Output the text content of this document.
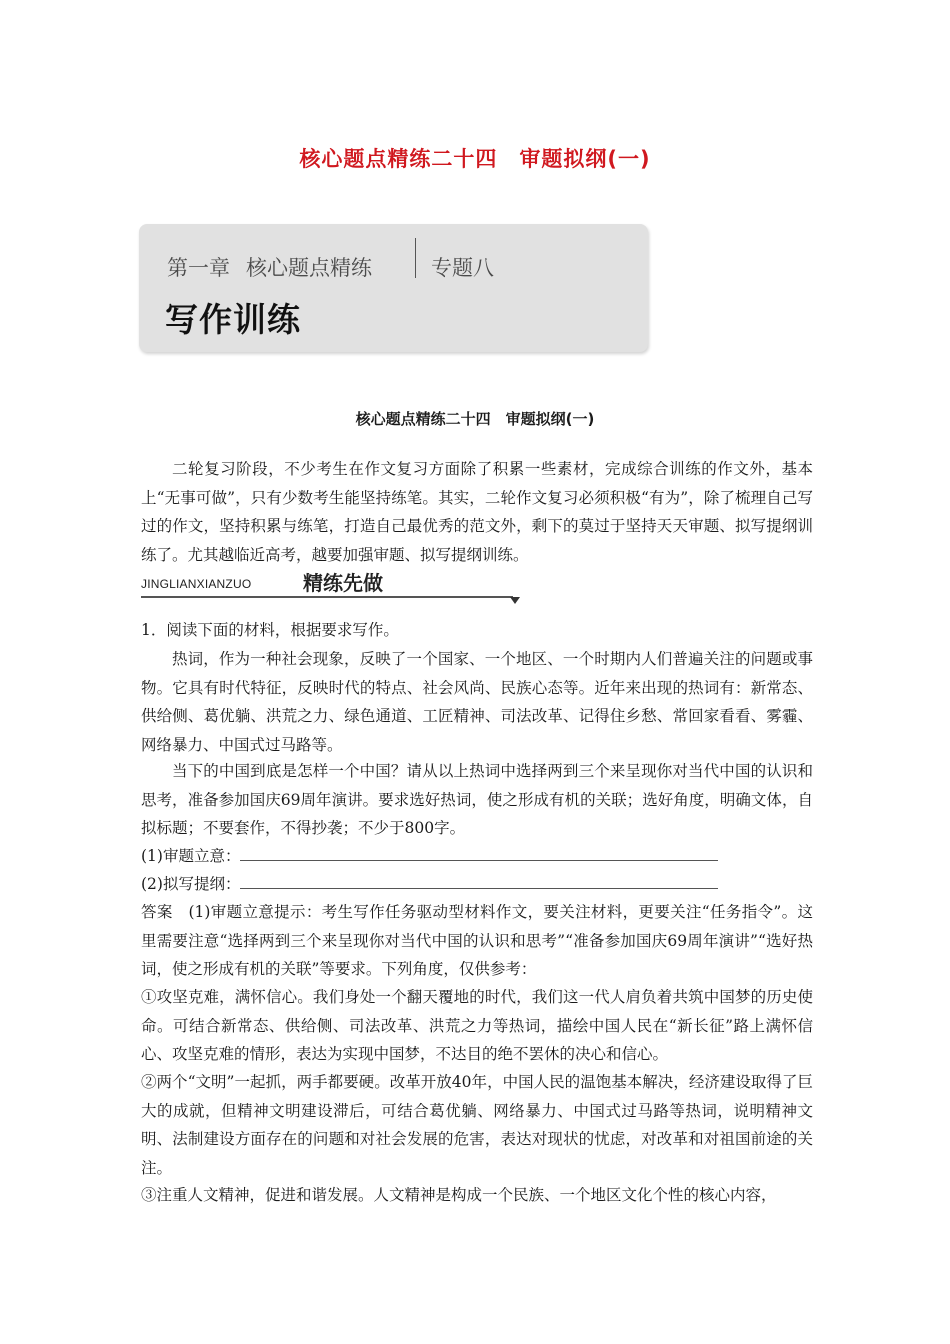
核心题点精练二十四　审题拟纲(一)
第一章 核心题点精练	专题八
写作训练
核心题点精练二十四　审题拟纲(一)

二轮复习阶段，不少考生在作文复习方面除了积累一些素材，完成综合训练的作文外，基本上“无事可做”，只有少数考生能坚持练笔。其实，二轮作文复习必须积极“有为”，除了梳理自己写过的作文，坚持积累与练笔，打造自己最优秀的范文外，剩下的莫过于坚持天天审题、拟写提纲训练了。尤其越临近高考，越要加强审题、拟写提纲训练。

JINGLIANXIANZUO	精练先做

1．阅读下面的材料，根据要求写作。

热词，作为一种社会现象，反映了一个国家、一个地区、一个时期内人们普遍关注的问题或事物。它具有时代特征，反映时代的特点、社会风尚、民族心态等。近年来出现的热词有：新常态、供给侧、葛优躺、洪荒之力、绿色通道、工匠精神、司法改革、记得住乡愁、常回家看看、雾霾、网络暴力、中国式过马路等。

当下的中国到底是怎样一个中国？请从以上热词中选择两到三个来呈现你对当代中国的认识和思考，准备参加国庆69周年演讲。要求选好热词，使之形成有机的关联；选好角度，明确文体，自拟标题；不要套作，不得抄袭；不少于800字。

(1)审题立意：

(2)拟写提纲：

答案　(1)审题立意提示：考生写作任务驱动型材料作文，要关注材料，更要关注“任务指令”。这里需要注意“选择两到三个来呈现你对当代中国的认识和思考”“准备参加国庆69周年演讲”“选好热词，使之形成有机的关联”等要求。下列角度，仅供参考：

①攻坚克难，满怀信心。我们身处一个翻天覆地的时代，我们这一代人肩负着共筑中国梦的历史使命。可结合新常态、供给侧、司法改革、洪荒之力等热词，描绘中国人民在“新长征”路上满怀信心、攻坚克难的情形，表达为实现中国梦，不达目的绝不罢休的决心和信心。

②两个“文明”一起抓，两手都要硬。改革开放40年，中国人民的温饱基本解决，经济建设取得了巨大的成就，但精神文明建设滞后，可结合葛优躺、网络暴力、中国式过马路等热词，说明精神文明、法制建设方面存在的问题和对社会发展的危害，表达对现状的忧虑，对改革和对祖国前途的关注。

③注重人文精神，促进和谐发展。人文精神是构成一个民族、一个地区文化个性的核心内容，
